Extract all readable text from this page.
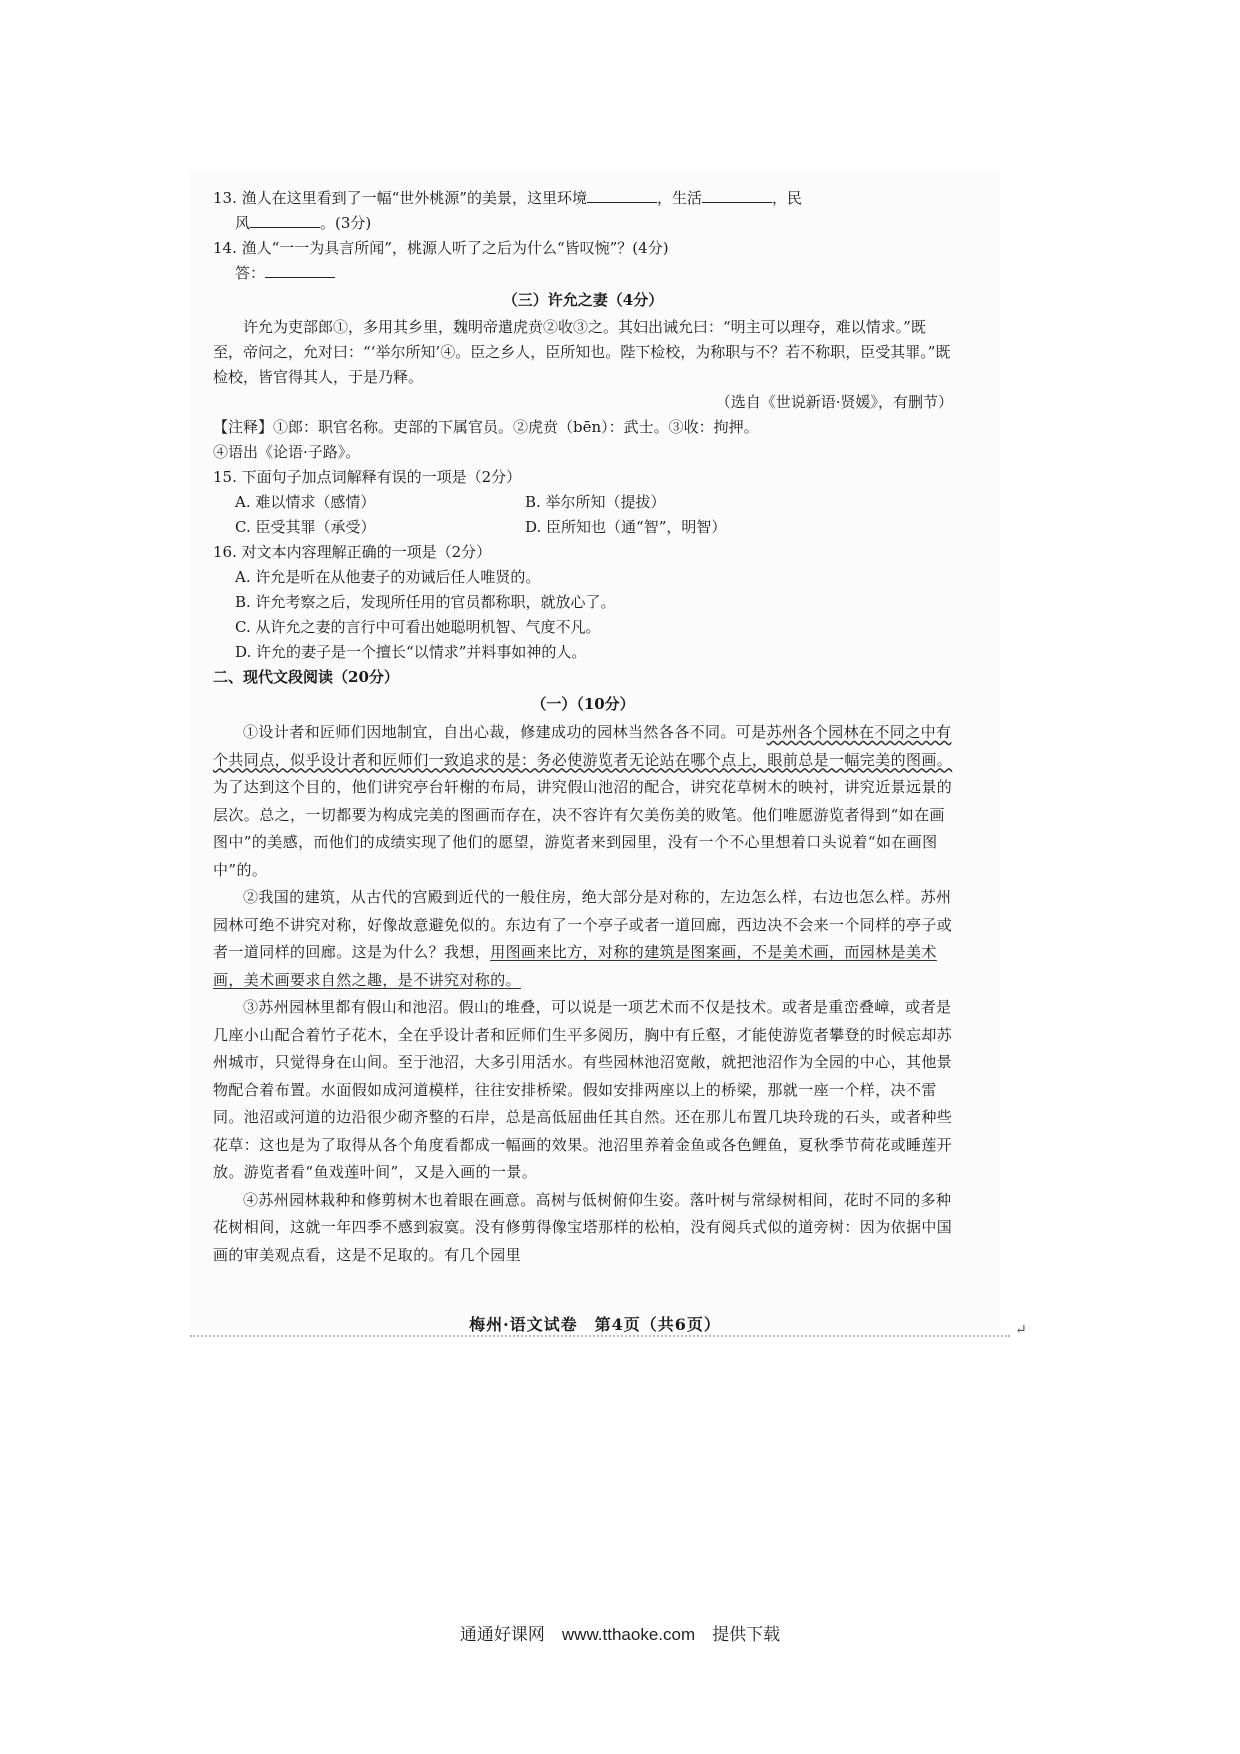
13. 渔人在这里看到了一幅“世外桃源”的美景，这里环境	，生活	，民

风	。(3分)

14. 渔人“一一为具言所闻”，桃源人听了之后为什么“皆叹惋”？(4分)

答：

（三）许允之妻（4分）

许允为吏部郎①，多用其乡里，魏明帝遣虎贲②收③之。其妇出诫允曰：“明主可以理夺，难以情求。”既至，帝问之，允对曰：“‘举尔所知’④。臣之乡人，臣所知也。陛下检校，为称职与不？若不称职，臣受其罪。”既检校，皆官得其人，于是乃释。

（选自《世说新语·贤媛》，有删节）

【注释】①郎：职官名称。吏部的下属官员。②虎贲（bēn）：武士。③收：拘押。

④语出《论语·子路》。

15. 下面句子加点词解释有误的一项是（2分）

A. 难以情求（感情）	B. 举尔所知（提拔）
C. 臣受其罪（承受）	D. 臣所知也（通“智”，明智）

16. 对文本内容理解正确的一项是（2分）

A. 许允是听在从他妻子的劝诫后任人唯贤的。

B. 许允考察之后，发现所任用的官员都称职，就放心了。

C. 从许允之妻的言行中可看出她聪明机智、气度不凡。

D. 许允的妻子是一个擅长“以情求”并料事如神的人。

二、现代文段阅读（20分）

（一）（10分）

①设计者和匠师们因地制宜，自出心裁，修建成功的园林当然各各不同。可是苏州各个园林在不同之中有个共同点，似乎设计者和匠师们一致追求的是：务必使游览者无论站在哪个点上，眼前总是一幅完美的图画。为了达到这个目的，他们讲究亭台轩榭的布局，讲究假山池沼的配合，讲究花草树木的映衬，讲究近景远景的层次。总之，一切都要为构成完美的图画而存在，决不容许有欠美伤美的败笔。他们唯愿游览者得到“如在画图中”的美感，而他们的成绩实现了他们的愿望，游览者来到园里，没有一个不心里想着口头说着“如在画图中”的。

②我国的建筑，从古代的宫殿到近代的一般住房，绝大部分是对称的，左边怎么样，右边也怎么样。苏州园林可绝不讲究对称，好像故意避免似的。东边有了一个亭子或者一道回廊，西边决不会来一个同样的亭子或者一道同样的回廊。这是为什么？我想，用图画来比方，对称的建筑是图案画，不是美术画，而园林是美术画，美术画要求自然之趣，是不讲究对称的。

③苏州园林里都有假山和池沼。假山的堆叠，可以说是一项艺术而不仅是技术。或者是重峦叠嶂，或者是几座小山配合着竹子花木，全在乎设计者和匠师们生平多阅历，胸中有丘壑，才能使游览者攀登的时候忘却苏州城市，只觉得身在山间。至于池沼，大多引用活水。有些园林池沼宽敞，就把池沼作为全园的中心，其他景物配合着布置。水面假如成河道模样，往往安排桥梁。假如安排两座以上的桥梁，那就一座一个样，决不雷同。池沼或河道的边沿很少砌齐整的石岸，总是高低屈曲任其自然。还在那儿布置几块玲珑的石头，或者种些花草：这也是为了取得从各个角度看都成一幅画的效果。池沼里养着金鱼或各色鲤鱼，夏秋季节荷花或睡莲开放。游览者看“鱼戏莲叶间”，又是入画的一景。

④苏州园林栽种和修剪树木也着眼在画意。高树与低树俯仰生姿。落叶树与常绿树相间，花时不同的多种花树相间，这就一年四季不感到寂寞。没有修剪得像宝塔那样的松柏，没有阅兵式似的道旁树：因为依据中国画的审美观点看，这是不足取的。有几个园里

梅州·语文试卷　第4页（共6页）	↵
通通好课网　www.tthaoke.com　提供下载
